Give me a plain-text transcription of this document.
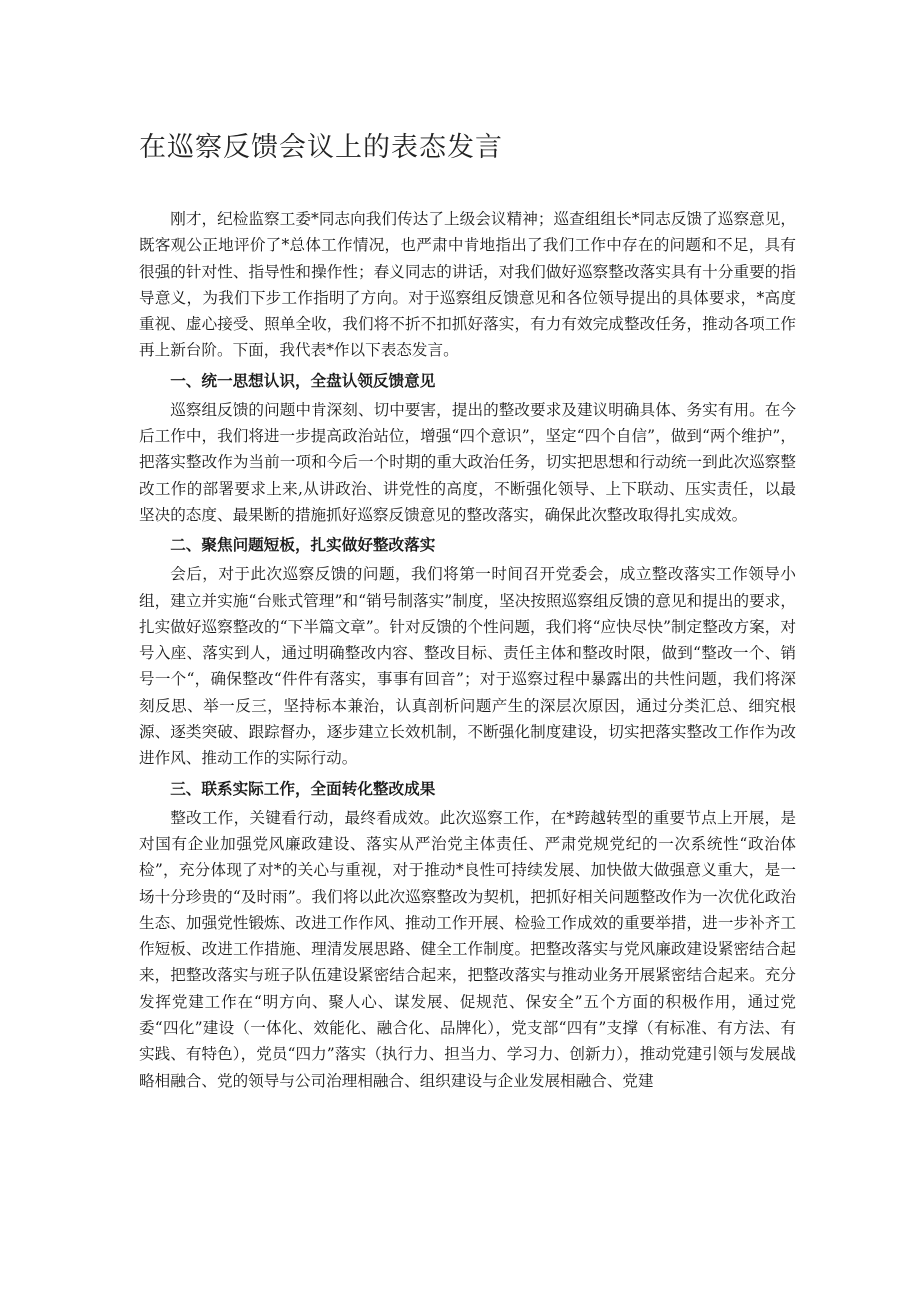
在巡察反馈会议上的表态发言

刚才，纪检监察工委*同志向我们传达了上级会议精神；巡查组组长*同志反馈了巡察意见，既客观公正地评价了*总体工作情况，也严肃中肯地指出了我们工作中存在的问题和不足，具有很强的针对性、指导性和操作性；春义同志的讲话，对我们做好巡察整改落实具有十分重要的指导意义，为我们下步工作指明了方向。对于巡察组反馈意见和各位领导提出的具体要求，*高度重视、虚心接受、照单全收，我们将不折不扣抓好落实，有力有效完成整改任务，推动各项工作再上新台阶。下面，我代表*作以下表态发言。

一、统一思想认识，全盘认领反馈意见

巡察组反馈的问题中肯深刻、切中要害，提出的整改要求及建议明确具体、务实有用。在今后工作中，我们将进一步提高政治站位，增强“四个意识”，坚定“四个自信”，做到“两个维护”，把落实整改作为当前一项和今后一个时期的重大政治任务，切实把思想和行动统一到此次巡察整改工作的部署要求上来,从讲政治、讲党性的高度，不断强化领导、上下联动、压实责任，以最坚决的态度、最果断的措施抓好巡察反馈意见的整改落实，确保此次整改取得扎实成效。

二、聚焦问题短板，扎实做好整改落实

会后，对于此次巡察反馈的问题，我们将第一时间召开党委会，成立整改落实工作领导小组，建立并实施“台账式管理”和“销号制落实”制度，坚决按照巡察组反馈的意见和提出的要求，扎实做好巡察整改的“下半篇文章”。针对反馈的个性问题，我们将“应快尽快”制定整改方案，对号入座、落实到人，通过明确整改内容、整改目标、责任主体和整改时限，做到“整改一个、销号一个“，确保整改“件件有落实，事事有回音”；对于巡察过程中暴露出的共性问题，我们将深刻反思、举一反三，坚持标本兼治，认真剖析问题产生的深层次原因，通过分类汇总、细究根源、逐类突破、跟踪督办，逐步建立长效机制，不断强化制度建设，切实把落实整改工作作为改进作风、推动工作的实际行动。

三、联系实际工作，全面转化整改成果

整改工作，关键看行动，最终看成效。此次巡察工作，在*跨越转型的重要节点上开展，是对国有企业加强党风廉政建设、落实从严治党主体责任、严肃党规党纪的一次系统性“政治体检”，充分体现了对*的关心与重视，对于推动*良性可持续发展、加快做大做强意义重大，是一场十分珍贵的“及时雨”。我们将以此次巡察整改为契机，把抓好相关问题整改作为一次优化政治生态、加强党性锻炼、改进工作作风、推动工作开展、检验工作成效的重要举措，进一步补齐工作短板、改进工作措施、理清发展思路、健全工作制度。把整改落实与党风廉政建设紧密结合起来，把整改落实与班子队伍建设紧密结合起来，把整改落实与推动业务开展紧密结合起来。充分发挥党建工作在“明方向、聚人心、谋发展、促规范、保安全”五个方面的积极作用，通过党委“四化”建设（一体化、效能化、融合化、品牌化），党支部“四有”支撑（有标准、有方法、有实践、有特色），党员“四力”落实（执行力、担当力、学习力、创新力），推动党建引领与发展战略相融合、党的领导与公司治理相融合、组织建设与企业发展相融合、党建
